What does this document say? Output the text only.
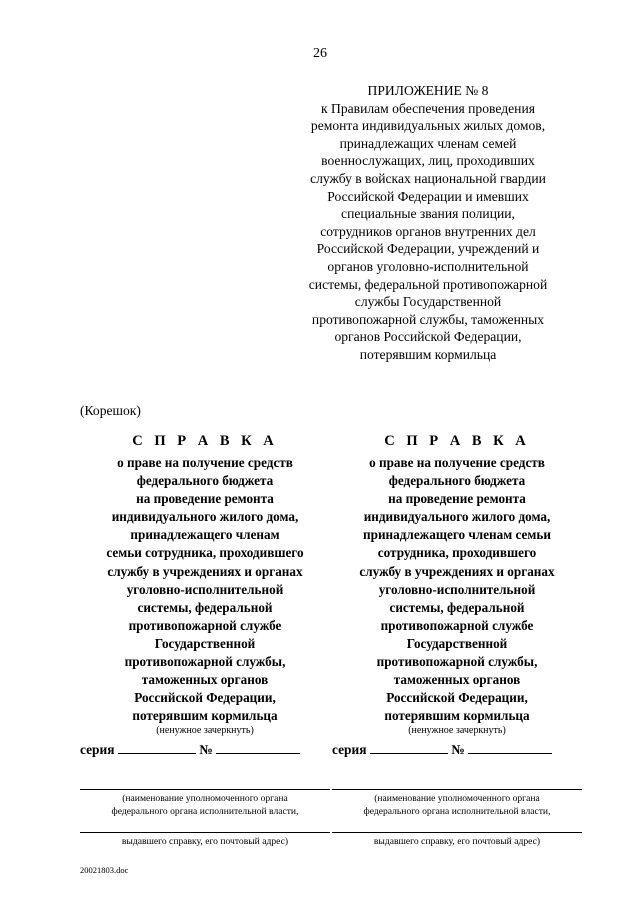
26
ПРИЛОЖЕНИЕ № 8
к Правилам обеспечения проведения
ремонта индивидуальных жилых домов,
принадлежащих членам семей
военнослужащих, лиц, проходивших
службу в войсках национальной гвардии
Российской Федерации и имевших
специальные звания полиции,
сотрудников органов внутренних дел
Российской Федерации, учреждений и
органов уголовно-исполнительной
системы, федеральной противопожарной
службы Государственной
противопожарной службы, таможенных
органов Российской Федерации,
потерявшим кормильца
(Корешок)
С П Р А В К А
о праве на получение средств
федерального бюджета
на проведение ремонта
индивидуального жилого дома,
принадлежащего членам
семьи сотрудника, проходившего
службу в учреждениях и органах
уголовно-исполнительной
системы, федеральной
противопожарной службе
Государственной
противопожарной службы,
таможенных органов
Российской Федерации,
потерявшим кормильца
(ненужное зачеркнуть)
серия	№
(наименование уполномоченного органа
федерального органа исполнительной власти,
выдавшего справку, его почтовый адрес)
С П Р А В К А
о праве на получение средств
федерального бюджета
на проведение ремонта
индивидуального жилого дома,
принадлежащего членам семьи
сотрудника, проходившего
службу в учреждениях и органах
уголовно-исполнительной
системы, федеральной
противопожарной службе
Государственной
противопожарной службы,
таможенных органов
Российской Федерации,
потерявшим кормильца
(ненужное зачеркнуть)
серия	№
(наименование уполномоченного органа
федерального органа исполнительной власти,
выдавшего справку, его почтовый адрес)
20021803.doc
